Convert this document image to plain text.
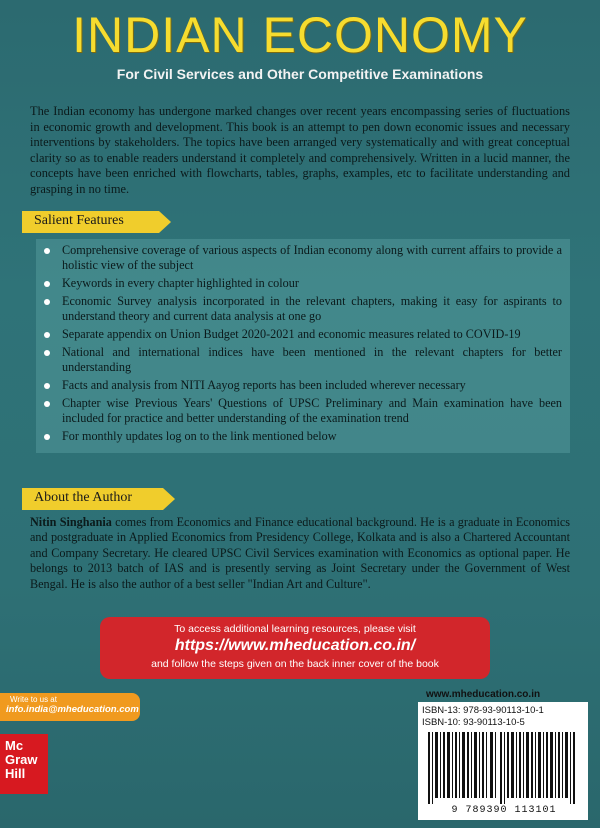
INDIAN ECONOMY
For Civil Services and Other Competitive Examinations

The Indian economy has undergone marked changes over recent years encompassing series of fluctuations in economic growth and development. This book is an attempt to pen down economic issues and necessary interventions by stakeholders. The topics have been arranged very systematically and with great conceptual clarity so as to enable readers understand it completely and comprehensively. Written in a lucid manner, the concepts have been enriched with flowcharts, tables, graphs, examples, etc to facilitate understanding and grasping in no time.

Salient Features
Comprehensive coverage of various aspects of Indian economy along with current affairs to provide a holistic view of the subject
Keywords in every chapter highlighted in colour
Economic Survey analysis incorporated in the relevant chapters, making it easy for aspirants to understand theory and current data analysis at one go
Separate appendix on Union Budget 2020-2021 and economic measures related to COVID-19
National and international indices have been mentioned in the relevant chapters for better understanding
Facts and analysis from NITI Aayog reports has been included wherever necessary
Chapter wise Previous Years' Questions of UPSC Preliminary and Main examination have been included for practice and better understanding of the examination trend
For monthly updates log on to the link mentioned below
About the Author

Nitin Singhania comes from Economics and Finance educational background. He is a graduate in Economics and postgraduate in Applied Economics from Presidency College, Kolkata and is also a Chartered Accountant and Company Secretary. He cleared UPSC Civil Services examination with Economics as optional paper. He belongs to 2013 batch of IAS and is presently serving as Joint Secretary under the Government of West Bengal. He is also the author of a best seller "Indian Art and Culture".

To access additional learning resources, please visit
https://www.mheducation.co.in/
and follow the steps given on the back inner cover of the book
Write to us at
info.india@mheducation.com
Mc
Graw
Hill
www.mheducation.co.in
ISBN-13: 978-93-90113-10-1
ISBN-10: 93-90113-10-5
9 789390 113101
